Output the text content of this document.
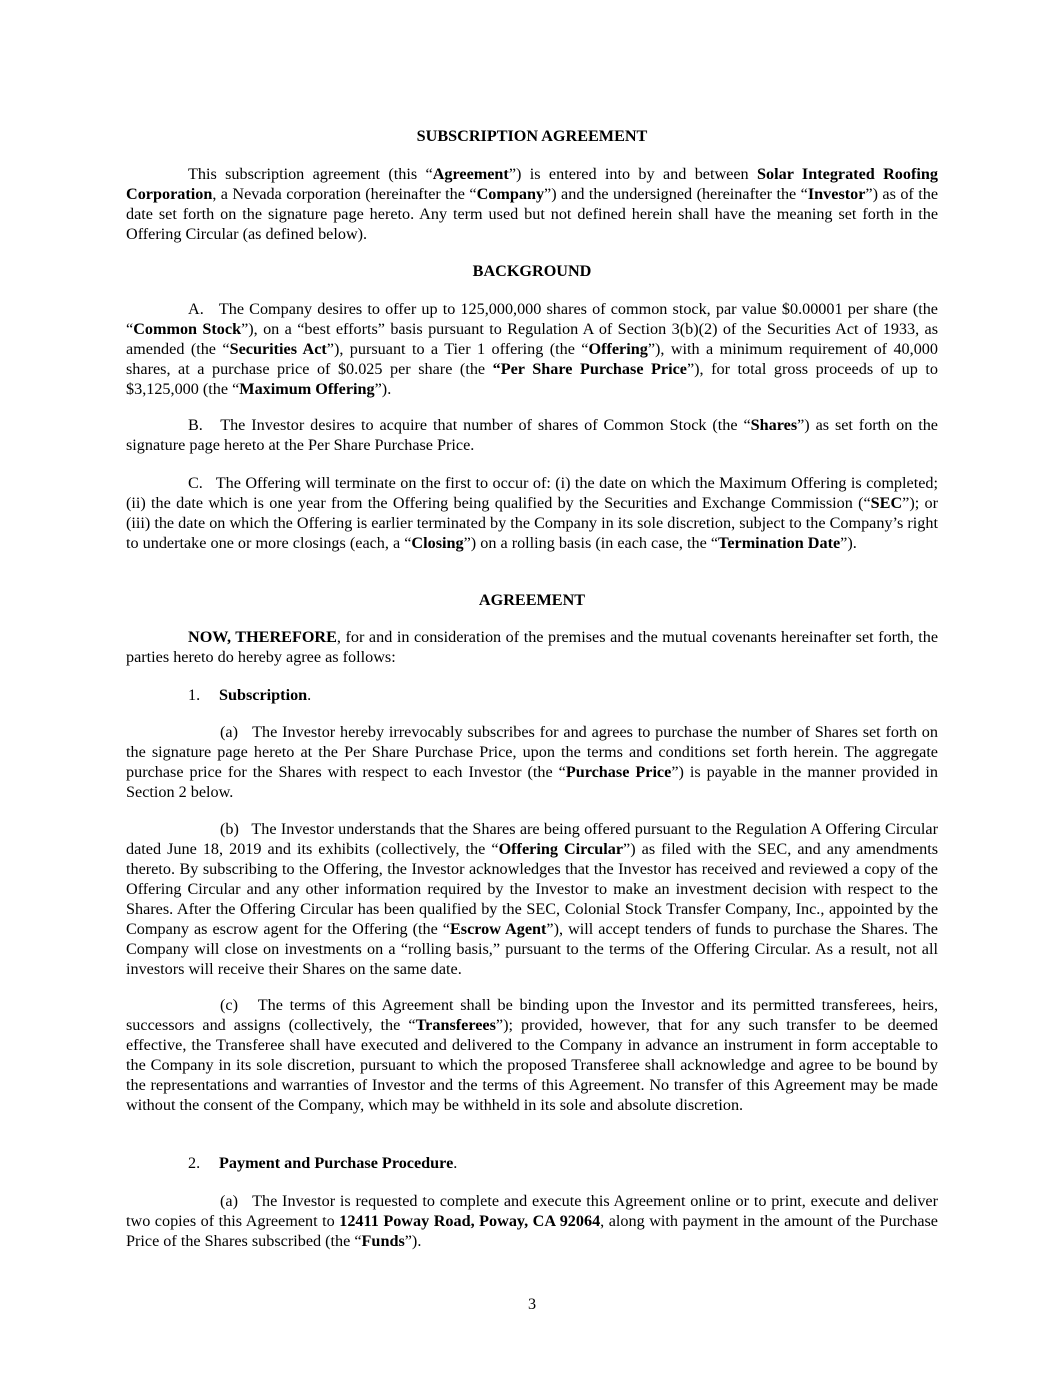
SUBSCRIPTION AGREEMENT

This subscription agreement (this “Agreement”) is entered into by and between Solar Integrated Roofing Corporation, a Nevada corporation (hereinafter the “Company”) and the undersigned (hereinafter the “Investor”) as of the date set forth on the signature page hereto. Any term used but not defined herein shall have the meaning set forth in the Offering Circular (as defined below).

BACKGROUND

A.   The Company desires to offer up to 125,000,000 shares of common stock, par value $0.00001 per share (the “Common Stock”), on a “best efforts” basis pursuant to Regulation A of Section 3(b)(2) of the Securities Act of 1933, as amended (the “Securities Act”), pursuant to a Tier 1 offering (the “Offering”), with a minimum requirement of 40,000 shares, at a purchase price of $0.025 per share (the “Per Share Purchase Price”), for total gross proceeds of up to $3,125,000 (the “Maximum Offering”).

B.   The Investor desires to acquire that number of shares of Common Stock (the “Shares”) as set forth on the signature page hereto at the Per Share Purchase Price.

C.   The Offering will terminate on the first to occur of: (i) the date on which the Maximum Offering is completed; (ii) the date which is one year from the Offering being qualified by the Securities and Exchange Commission (“SEC”); or (iii) the date on which the Offering is earlier terminated by the Company in its sole discretion, subject to the Company’s right to undertake one or more closings (each, a “Closing”) on a rolling basis (in each case, the “Termination Date”).

AGREEMENT

NOW, THEREFORE, for and in consideration of the premises and the mutual covenants hereinafter set forth, the parties hereto do hereby agree as follows:

1. Subscription.

(a)   The Investor hereby irrevocably subscribes for and agrees to purchase the number of Shares set forth on the signature page hereto at the Per Share Purchase Price, upon the terms and conditions set forth herein. The aggregate purchase price for the Shares with respect to each Investor (the “Purchase Price”) is payable in the manner provided in Section 2 below.

(b)   The Investor understands that the Shares are being offered pursuant to the Regulation A Offering Circular dated June 18, 2019 and its exhibits (collectively, the “Offering Circular”) as filed with the SEC, and any amendments thereto. By subscribing to the Offering, the Investor acknowledges that the Investor has received and reviewed a copy of the Offering Circular and any other information required by the Investor to make an investment decision with respect to the Shares. After the Offering Circular has been qualified by the SEC, Colonial Stock Transfer Company, Inc., appointed by the Company as escrow agent for the Offering (the “Escrow Agent”), will accept tenders of funds to purchase the Shares. The Company will close on investments on a “rolling basis,” pursuant to the terms of the Offering Circular. As a result, not all investors will receive their Shares on the same date.

(c)   The terms of this Agreement shall be binding upon the Investor and its permitted transferees, heirs, successors and assigns (collectively, the “Transferees”); provided, however, that for any such transfer to be deemed effective, the Transferee shall have executed and delivered to the Company in advance an instrument in form acceptable to the Company in its sole discretion, pursuant to which the proposed Transferee shall acknowledge and agree to be bound by the representations and warranties of Investor and the terms of this Agreement. No transfer of this Agreement may be made without the consent of the Company, which may be withheld in its sole and absolute discretion.

2. Payment and Purchase Procedure.

(a)   The Investor is requested to complete and execute this Agreement online or to print, execute and deliver two copies of this Agreement to 12411 Poway Road, Poway, CA 92064, along with payment in the amount of the Purchase Price of the Shares subscribed (the “Funds”).

3
